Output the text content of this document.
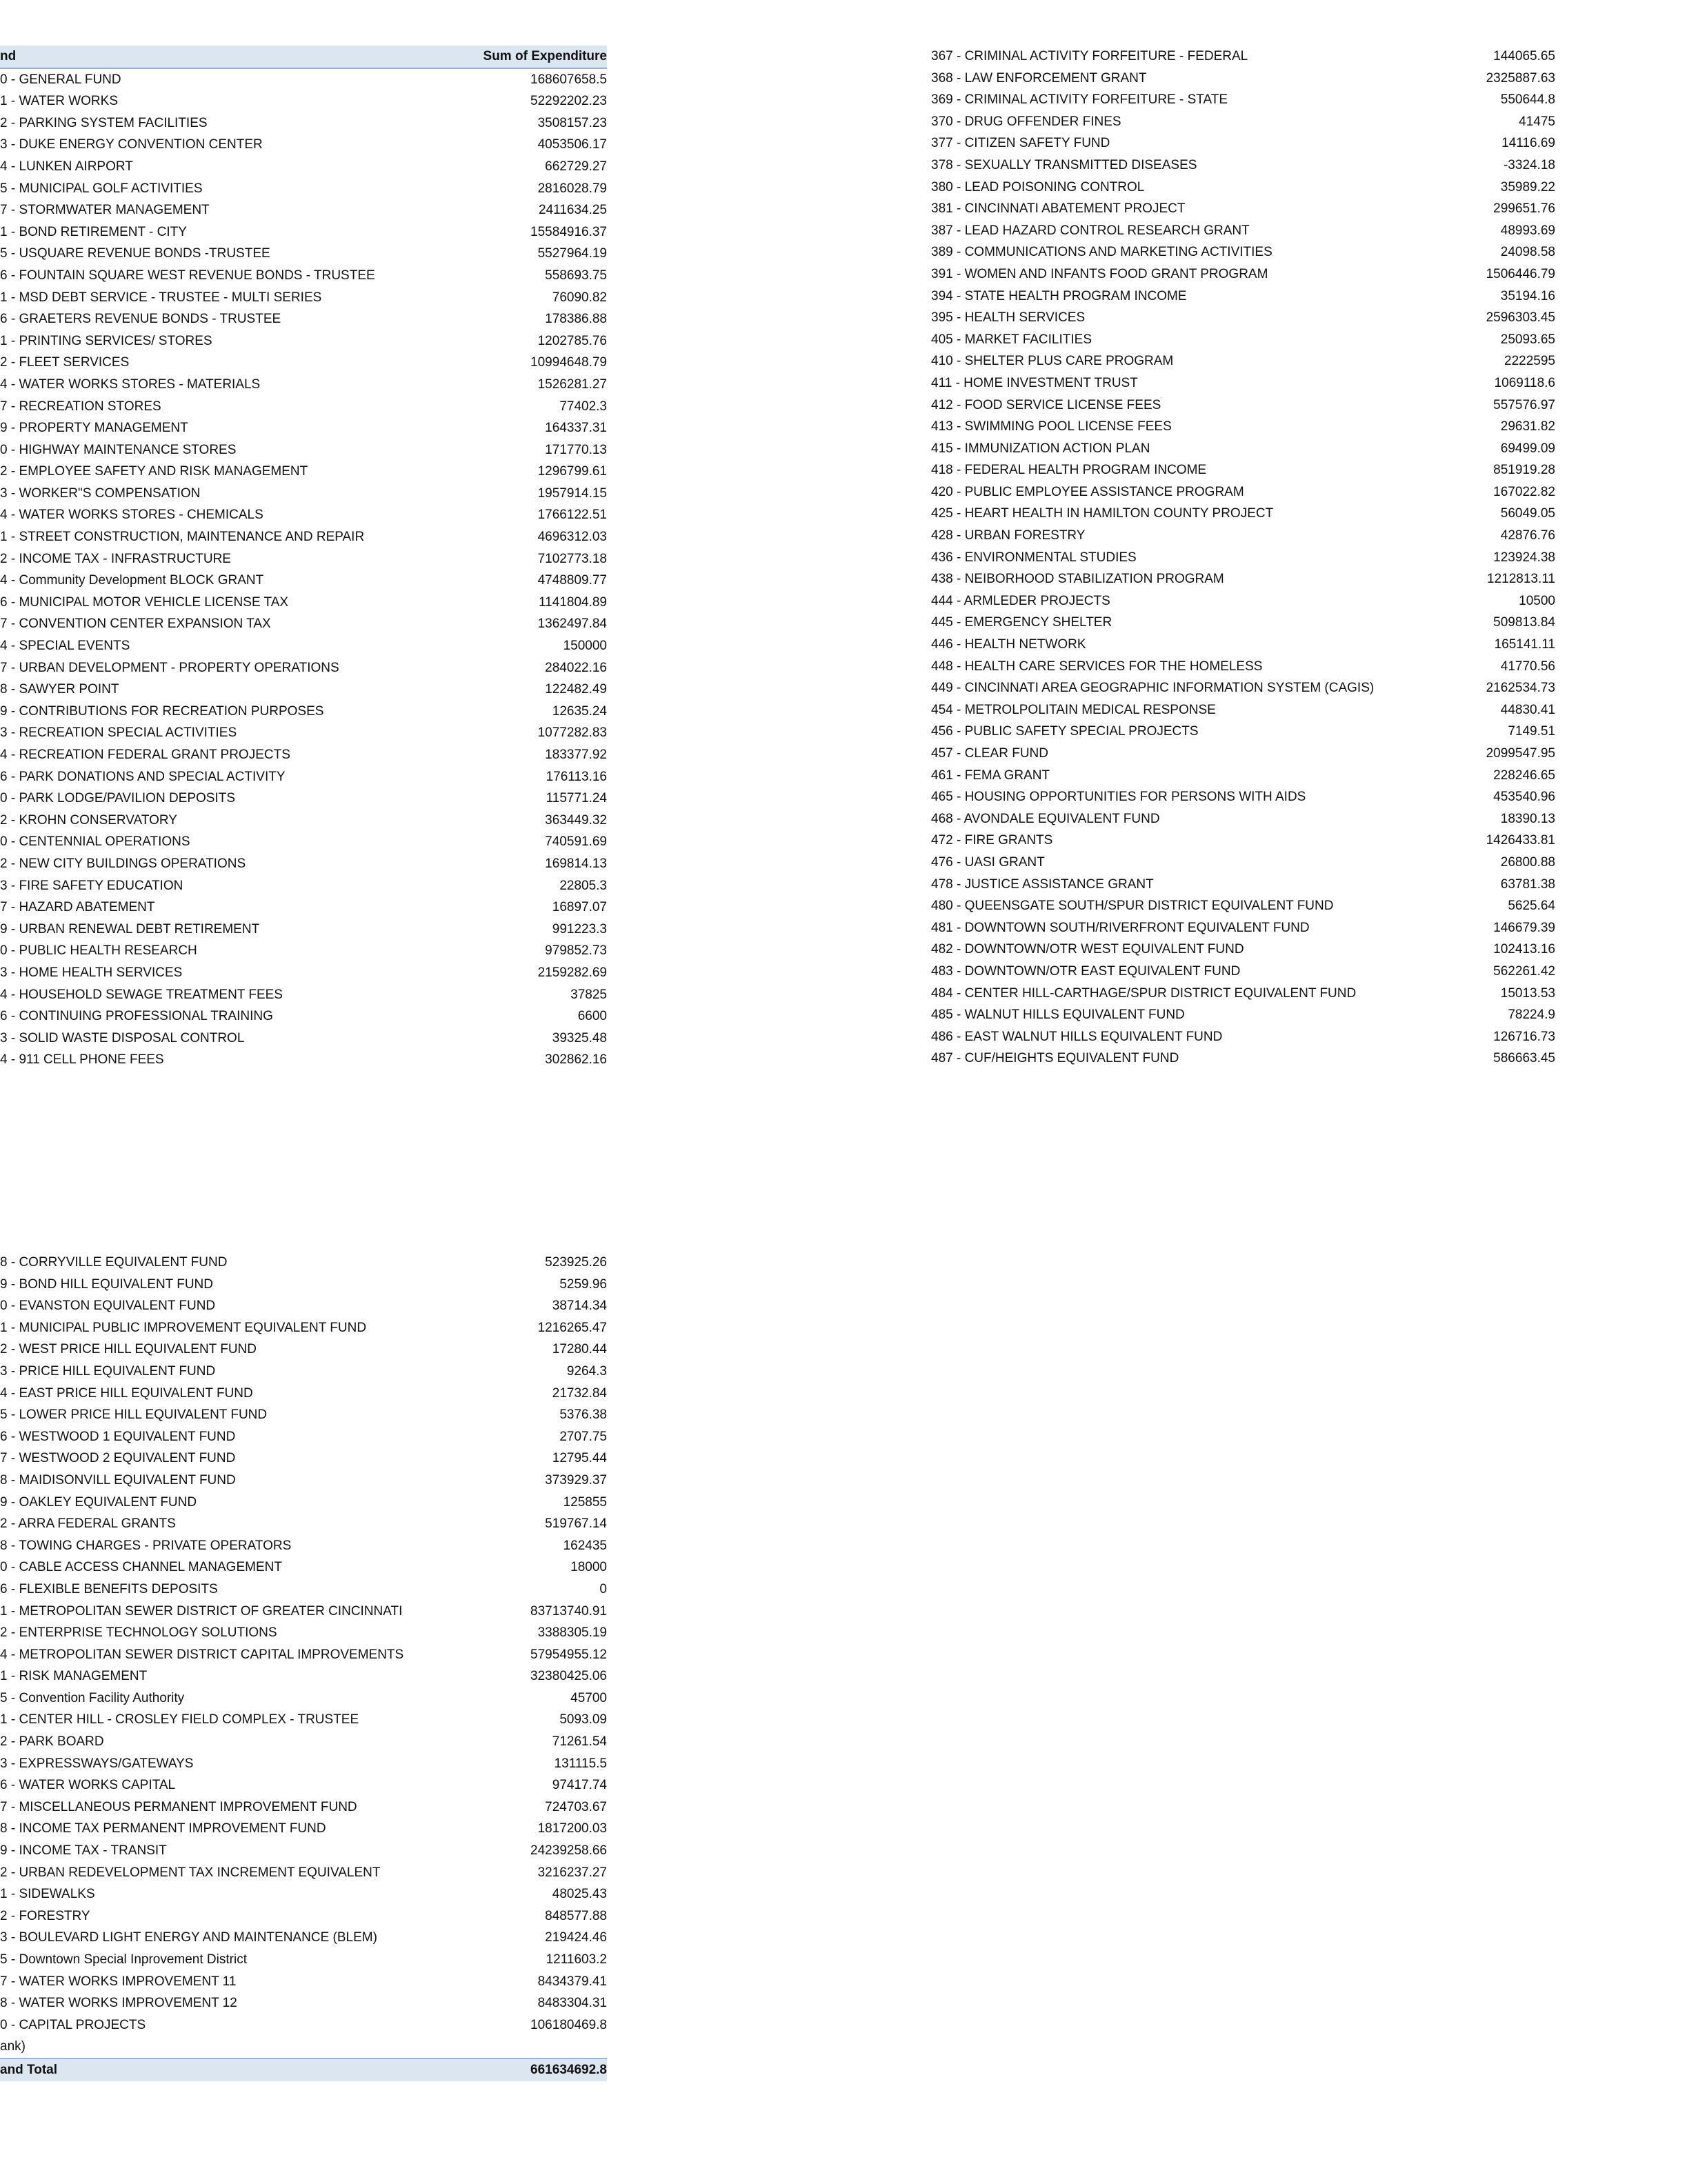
nd	Sum of Expenditure
0 - GENERAL FUND	168607658.5
1 - WATER WORKS	52292202.23
2 - PARKING SYSTEM FACILITIES	3508157.23
3 - DUKE ENERGY CONVENTION CENTER	4053506.17
4 - LUNKEN AIRPORT	662729.27
5 - MUNICIPAL GOLF ACTIVITIES	2816028.79
7 - STORMWATER MANAGEMENT	2411634.25
1 - BOND RETIREMENT - CITY	15584916.37
5 - USQUARE REVENUE BONDS -TRUSTEE	5527964.19
6 - FOUNTAIN SQUARE WEST REVENUE BONDS - TRUSTEE	558693.75
1 - MSD DEBT SERVICE - TRUSTEE - MULTI SERIES	76090.82
6 - GRAETERS REVENUE BONDS - TRUSTEE	178386.88
1 - PRINTING SERVICES/ STORES	1202785.76
2 - FLEET SERVICES	10994648.79
4 - WATER WORKS STORES - MATERIALS	1526281.27
7 - RECREATION STORES	77402.3
9 - PROPERTY MANAGEMENT	164337.31
0 - HIGHWAY MAINTENANCE STORES	171770.13
2 - EMPLOYEE SAFETY AND RISK MANAGEMENT	1296799.61
3 - WORKER"S COMPENSATION	1957914.15
4 - WATER WORKS STORES - CHEMICALS	1766122.51
1 - STREET CONSTRUCTION, MAINTENANCE AND REPAIR	4696312.03
2 - INCOME TAX - INFRASTRUCTURE	7102773.18
4 - Community Development BLOCK GRANT	4748809.77
6 - MUNICIPAL MOTOR VEHICLE LICENSE TAX	1141804.89
7 - CONVENTION CENTER EXPANSION TAX	1362497.84
4 - SPECIAL EVENTS	150000
7 - URBAN DEVELOPMENT - PROPERTY OPERATIONS	284022.16
8 - SAWYER POINT	122482.49
9 - CONTRIBUTIONS FOR RECREATION PURPOSES	12635.24
3 - RECREATION SPECIAL ACTIVITIES	1077282.83
4 - RECREATION FEDERAL GRANT PROJECTS	183377.92
6 - PARK DONATIONS AND SPECIAL ACTIVITY	176113.16
0 - PARK LODGE/PAVILION DEPOSITS	115771.24
2 - KROHN CONSERVATORY	363449.32
0 - CENTENNIAL OPERATIONS	740591.69
2 - NEW CITY BUILDINGS OPERATIONS	169814.13
3 - FIRE SAFETY EDUCATION	22805.3
7 - HAZARD ABATEMENT	16897.07
9 - URBAN RENEWAL DEBT RETIREMENT	991223.3
0 - PUBLIC HEALTH RESEARCH	979852.73
3 - HOME HEALTH SERVICES	2159282.69
4 - HOUSEHOLD SEWAGE TREATMENT FEES	37825
6 - CONTINUING PROFESSIONAL TRAINING	6600
3 - SOLID WASTE DISPOSAL CONTROL	39325.48
4 - 911 CELL PHONE FEES	302862.16
367 - CRIMINAL ACTIVITY FORFEITURE - FEDERAL	144065.65
368 - LAW ENFORCEMENT GRANT	2325887.63
369 - CRIMINAL ACTIVITY FORFEITURE - STATE	550644.8
370 - DRUG OFFENDER FINES	41475
377 - CITIZEN SAFETY FUND	14116.69
378 - SEXUALLY TRANSMITTED DISEASES	-3324.18
380 - LEAD POISONING CONTROL	35989.22
381 - CINCINNATI ABATEMENT PROJECT	299651.76
387 - LEAD HAZARD CONTROL RESEARCH GRANT	48993.69
389 - COMMUNICATIONS AND MARKETING ACTIVITIES	24098.58
391 - WOMEN AND INFANTS FOOD GRANT PROGRAM	1506446.79
394 - STATE HEALTH PROGRAM INCOME	35194.16
395 - HEALTH SERVICES	2596303.45
405 - MARKET FACILITIES	25093.65
410 - SHELTER PLUS CARE PROGRAM	2222595
411 - HOME INVESTMENT TRUST	1069118.6
412 - FOOD SERVICE LICENSE FEES	557576.97
413 - SWIMMING POOL LICENSE FEES	29631.82
415 - IMMUNIZATION ACTION PLAN	69499.09
418 - FEDERAL HEALTH PROGRAM INCOME	851919.28
420 - PUBLIC EMPLOYEE ASSISTANCE PROGRAM	167022.82
425 - HEART HEALTH IN HAMILTON COUNTY PROJECT	56049.05
428 - URBAN FORESTRY	42876.76
436 - ENVIRONMENTAL STUDIES	123924.38
438 - NEIBORHOOD STABILIZATION PROGRAM	1212813.11
444 - ARMLEDER PROJECTS	10500
445 - EMERGENCY SHELTER	509813.84
446 - HEALTH NETWORK	165141.11
448 - HEALTH CARE SERVICES FOR THE HOMELESS	41770.56
449 - CINCINNATI AREA GEOGRAPHIC INFORMATION SYSTEM (CAGIS)	2162534.73
454 - METROLPOLITAIN MEDICAL RESPONSE	44830.41
456 - PUBLIC SAFETY SPECIAL PROJECTS	7149.51
457 - CLEAR FUND	2099547.95
461 - FEMA GRANT	228246.65
465 - HOUSING OPPORTUNITIES FOR PERSONS WITH AIDS	453540.96
468 - AVONDALE EQUIVALENT FUND	18390.13
472 - FIRE GRANTS	1426433.81
476 - UASI GRANT	26800.88
478 - JUSTICE ASSISTANCE GRANT	63781.38
480 - QUEENSGATE SOUTH/SPUR DISTRICT EQUIVALENT FUND	5625.64
481 - DOWNTOWN SOUTH/RIVERFRONT EQUIVALENT FUND	146679.39
482 - DOWNTOWN/OTR WEST EQUIVALENT FUND	102413.16
483 - DOWNTOWN/OTR EAST EQUIVALENT FUND	562261.42
484 - CENTER HILL-CARTHAGE/SPUR DISTRICT EQUIVALENT FUND	15013.53
485 - WALNUT HILLS EQUIVALENT FUND	78224.9
486 - EAST WALNUT HILLS EQUIVALENT FUND	126716.73
487 - CUF/HEIGHTS EQUIVALENT FUND	586663.45
8 - CORRYVILLE EQUIVALENT FUND	523925.26
9 - BOND HILL EQUIVALENT FUND	5259.96
0 - EVANSTON EQUIVALENT FUND	38714.34
1 - MUNICIPAL PUBLIC IMPROVEMENT EQUIVALENT FUND	1216265.47
2 - WEST PRICE HILL EQUIVALENT FUND	17280.44
3 - PRICE HILL EQUIVALENT FUND	9264.3
4 - EAST PRICE HILL EQUIVALENT FUND	21732.84
5 - LOWER PRICE HILL EQUIVALENT FUND	5376.38
6 - WESTWOOD 1 EQUIVALENT FUND	2707.75
7 - WESTWOOD 2 EQUIVALENT FUND	12795.44
8 - MAIDISONVILL EQUIVALENT FUND	373929.37
9 - OAKLEY EQUIVALENT FUND	125855
2 - ARRA FEDERAL GRANTS	519767.14
8 - TOWING CHARGES - PRIVATE OPERATORS	162435
0 - CABLE ACCESS CHANNEL MANAGEMENT	18000
6 - FLEXIBLE BENEFITS DEPOSITS	0
1 - METROPOLITAN SEWER DISTRICT OF GREATER CINCINNATI	83713740.91
2 - ENTERPRISE TECHNOLOGY SOLUTIONS	3388305.19
4 - METROPOLITAN SEWER DISTRICT CAPITAL IMPROVEMENTS	57954955.12
1 - RISK MANAGEMENT	32380425.06
5 - Convention Facility Authority	45700
1 - CENTER HILL - CROSLEY FIELD COMPLEX - TRUSTEE	5093.09
2 - PARK BOARD	71261.54
3 - EXPRESSWAYS/GATEWAYS	131115.5
6 - WATER WORKS CAPITAL	97417.74
7 - MISCELLANEOUS PERMANENT IMPROVEMENT FUND	724703.67
8 - INCOME TAX PERMANENT IMPROVEMENT FUND	1817200.03
9 - INCOME TAX - TRANSIT	24239258.66
2 - URBAN REDEVELOPMENT TAX INCREMENT EQUIVALENT	3216237.27
1 - SIDEWALKS	48025.43
2 - FORESTRY	848577.88
3 - BOULEVARD LIGHT ENERGY AND MAINTENANCE (BLEM)	219424.46
5 - Downtown Special Inprovement District	1211603.2
7 - WATER WORKS IMPROVEMENT 11	8434379.41
8 - WATER WORKS IMPROVEMENT 12	8483304.31
0 - CAPITAL PROJECTS	106180469.8
ank)
and Total	661634692.8
